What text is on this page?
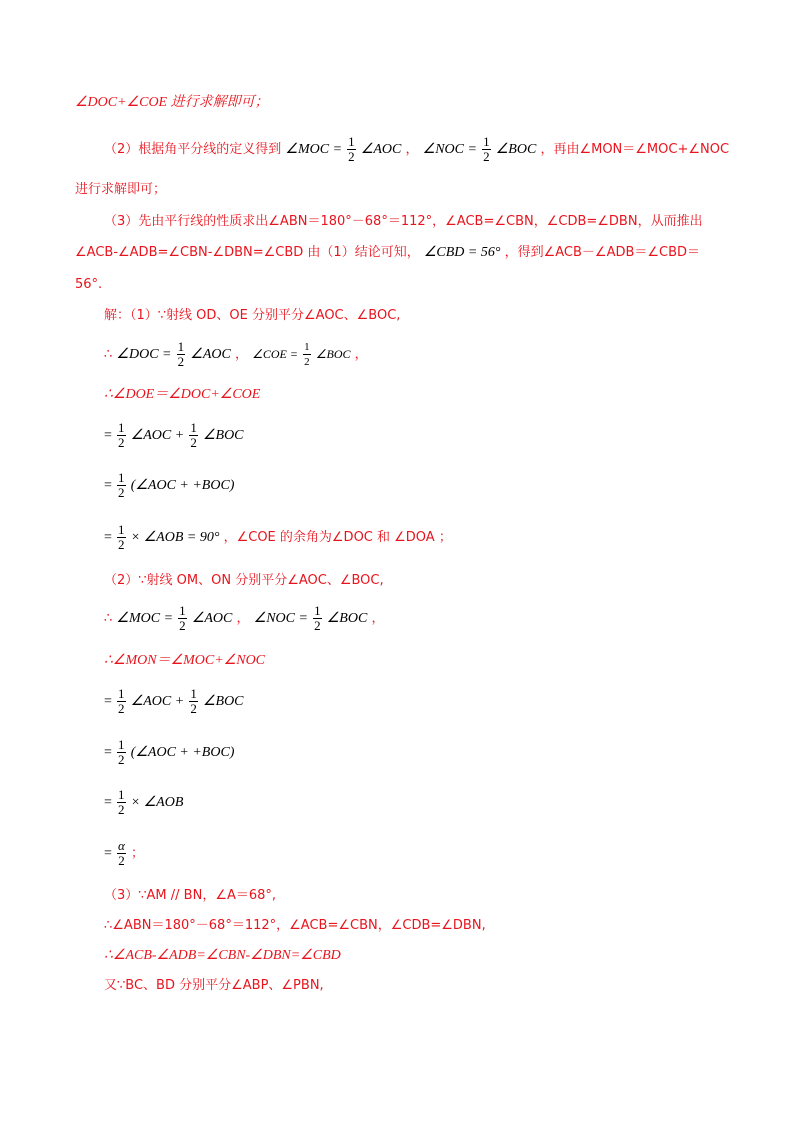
∠DOC+∠COE 进行求解即可；
（2）根据角平分线的定义得到 ∠MOC = $\frac{1}{2}$ ∠AOC ， ∠NOC = $\frac{1}{2}$ ∠BOC ，再由∠MON＝∠MOC+∠NOC
进行求解即可；
（3）先由平行线的性质求出∠ABN＝180°－68°＝112°，∠ACB=∠CBN，∠CDB=∠DBN，从而推出
∠ACB-∠ADB=∠CBN-∠DBN=∠CBD 由（1）结论可知， ∠CBD = 56° ，得到∠ACB－∠ADB＝∠CBD＝
56°.
解：（1）∵射线 OD、OE 分别平分∠AOC、∠BOC,
∴ ∠DOC = $\frac{1}{2}$ ∠AOC ， ∠COE = $\frac{1}{2}$ ∠BOC ，
∴∠DOE＝∠DOC+∠COE
= $\frac{1}{2}$ ∠AOC + $\frac{1}{2}$ ∠BOC
= $\frac{1}{2}$ (∠AOC + +BOC)
= $\frac{1}{2}$ × ∠AOB = 90° ，∠COE 的余角为∠DOC 和 ∠DOA ；
（2）∵射线 OM、ON 分别平分∠AOC、∠BOC,
∴ ∠MOC = $\frac{1}{2}$ ∠AOC ， ∠NOC = $\frac{1}{2}$ ∠BOC ，
∴∠MON＝∠MOC+∠NOC
= $\frac{1}{2}$ ∠AOC + $\frac{1}{2}$ ∠BOC
= $\frac{1}{2}$ (∠AOC + +BOC)
= $\frac{1}{2}$ × ∠AOB
= $\frac{\alpha}{2}$ ；
（3）∵AM // BN，∠A＝68°,
∴∠ABN＝180°－68°＝112°，∠ACB=∠CBN，∠CDB=∠DBN,
∴∠ACB-∠ADB=∠CBN-∠DBN=∠CBD
又∵BC、BD 分别平分∠ABP、∠PBN,
